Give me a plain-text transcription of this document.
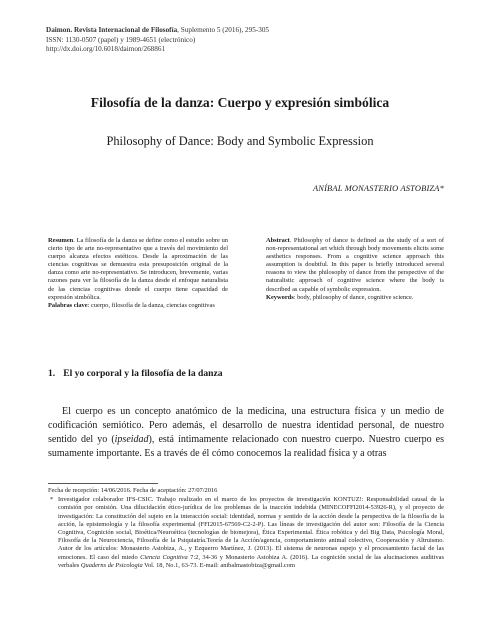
Daimon. Revista Internacional de Filosofía, Suplemento 5 (2016), 295-305
ISSN: 1130-0507 (papel) y 1989-4651 (electrónico)
http://dx.doi.org/10.6018/daimon/268861
Filosofía de la danza: Cuerpo y expresión simbólica
Philosophy of Dance: Body and Symbolic Expression
ANÍBAL MONASTERIO ASTOBIZA*

Resumen. La filosofía de la danza se define como el estudio sobre un cierto tipo de arte no-representativo que a través del movimiento del cuerpo alcanza efectos estéticos. Desde la aproximación de las ciencias cognitivas se demuestra esta presuposición original de la danza como arte no-representativo. Se introducen, brevemente, varias razones para ver la filosofía de la danza desde el enfoque naturalista de las ciencias cognitivas donde el cuerpo tiene capacidad de expresión simbólica.

Palabras clave: cuerpo, filosofía de la danza, ciencias cognitivas

Abstract. Philosophy of dance is defined as the study of a sort of non-representational art which through body movements elicits some aesthetics responses. From a cognitive science approach this assumption is doubtful. In this paper is briefly introduced several reasons to view the philosophy of dance from the perspective of the naturalistic approach of cognitive science where the body is described as capable of symbolic expression.

Keywords: body, philosophy of dance, cognitive science.

1. El yo corporal y la filosofía de la danza

El cuerpo es un concepto anatómico de la medicina, una estructura física y un medio de codificación semiótico. Pero además, el desarrollo de nuestra identidad personal, de nuestro sentido del yo (ipseidad), está íntimamente relacionado con nuestro cuerpo. Nuestro cuerpo es sumamente importante. Es a través de él cómo conocemos la realidad física y a otras

Fecha de recepción: 14/06/2016. Fecha de aceptación: 27/07/2016

* Investigador colaborador IFS-CSIC. Trabajo realizado en el marco de los proyectos de investigación KONTUZ!: Responsabilidad causal de la comisión por omisión. Una dilucidación ético-jurídica de los problemas de la inacción indebida (MINECOFFI2014-53926-R), y el proyecto de investigación: La constitución del sujeto en la interacción social: identidad, normas y sentido de la acción desde la perspectiva de la filosofía de la acción, la epistemología y la filosofía experimental (FFI2015-67569-C2-2-P). Las líneas de investigación del autor son: Filosofía de la Ciencia Cognitiva, Cognición social, Bioética/Neuroética (tecnologías de biomejora), Ética Experimental. Ética robótica y del Big Data, Psicología Moral, Filosofía de la Neurociencia, Filosofía de la Psiquiatría.Teoría de la Acción/agencia, comportamiento animal colectivo, Cooperación y Altruismo. Autor de los artículos: Monasterio Astobiza, A., y Ezquerro Martínez, J. (2013). El sistema de neuronas espejo y el procesamiento facial de las emociones. El caso del miedo Ciencia Cognitiva 7:2, 34-36 y Monasterio Astobiza A. (2016). La cognición social de las alucinaciones auditivas verbales Quaderns de Psicologia Vol. 18, No.1, 63-73. E-mail: anibalmastobiza@gmail.com
